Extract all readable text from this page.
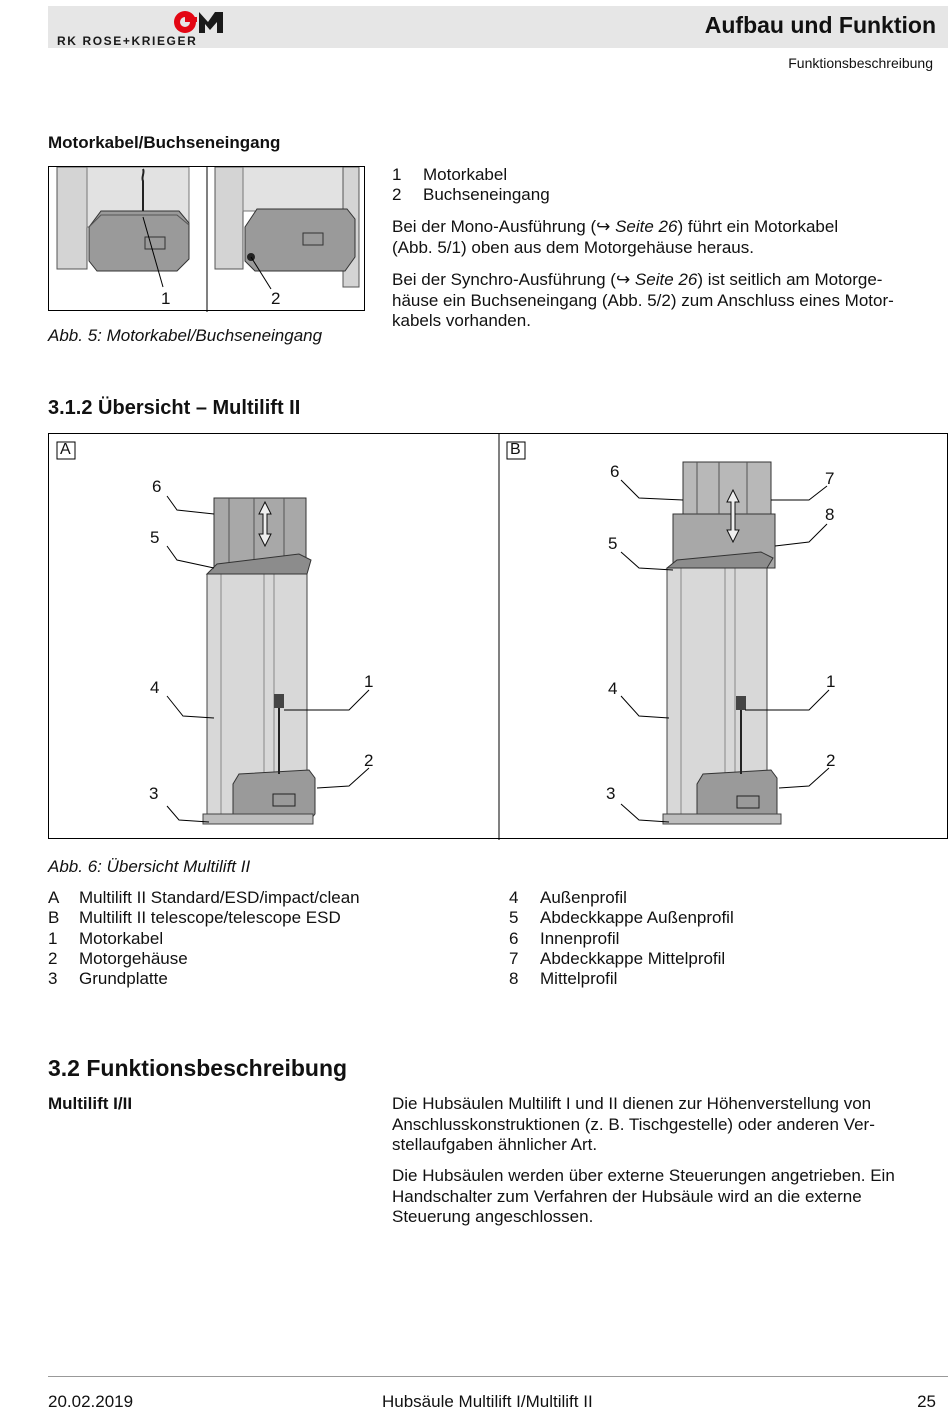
RK ROSE+KRIEGER
Aufbau und Funktion
Funktionsbeschreibung
Motorkabel/Buchseneingang
1	2
Abb. 5: Motorkabel/Buchseneingang
1 Motorkabel
2 Buchseneingang
Bei der Mono-Ausführung (↪ Seite 26) führt ein Motorkabel
(Abb. 5/1) oben aus dem Motorgehäuse heraus.
Bei der Synchro-Ausführung (↪ Seite 26) ist seitlich am Motorge-
häuse ein Buchseneingang (Abb. 5/2) zum Anschluss eines Motor-
kabels vorhanden.
3.1.2 Übersicht – Multilift II
A	B
6
5
4	1
2
3
6	7
8
5
4	1
2
3
Abb. 6: Übersicht Multilift II
A Multilift II Standard/ESD/impact/clean
B Multilift II telescope/telescope ESD
1 Motorkabel
2 Motorgehäuse
3 Grundplatte
4 Außenprofil
5 Abdeckkappe Außenprofil
6 Innenprofil
7 Abdeckkappe Mittelprofil
8 Mittelprofil
3.2 Funktionsbeschreibung
Multilift I/II	Die Hubsäulen Multilift I und II dienen zur Höhenverstellung von
Anschlusskonstruktionen (z. B. Tischgestelle) oder anderen Ver-
stellaufgaben ähnlicher Art.
Die Hubsäulen werden über externe Steuerungen angetrieben. Ein
Handschalter zum Verfahren der Hubsäule wird an die externe
Steuerung angeschlossen.
20.02.2019	Hubsäule Multilift I/Multilift II	25
